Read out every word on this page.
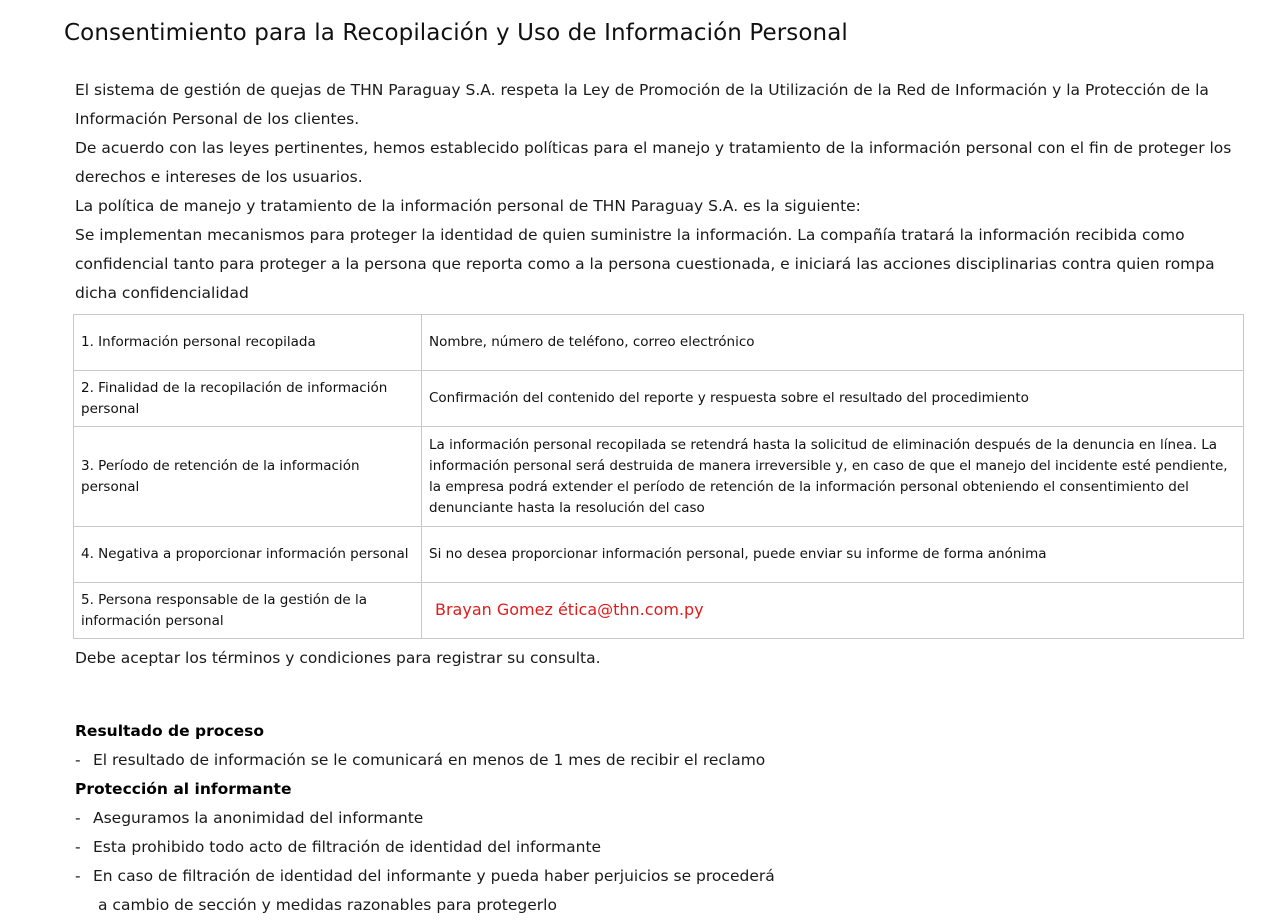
Consentimiento para la Recopilación y Uso de Información Personal

El sistema de gestión de quejas de THN Paraguay S.A. respeta la Ley de Promoción de la Utilización de la Red de Información y la Protección de la Información Personal de los clientes.

De acuerdo con las leyes pertinentes, hemos establecido políticas para el manejo y tratamiento de la información personal con el fin de proteger los derechos e intereses de los usuarios.

La política de manejo y tratamiento de la información personal de THN Paraguay S.A. es la siguiente:

Se implementan mecanismos para proteger la identidad de quien suministre la información. La compañía tratará la información recibida como confidencial tanto para proteger a la persona que reporta como a la persona cuestionada, e iniciará las acciones disciplinarias contra quien rompa dicha confidencialidad

1. Información personal recopilada	Nombre, número de teléfono, correo electrónico
2. Finalidad de la recopilación de información personal	Confirmación del contenido del reporte y respuesta sobre el resultado del procedimiento
3. Período de retención de la información personal	La información personal recopilada se retendrá hasta la solicitud de eliminación después de la denuncia en línea. La información personal será destruida de manera irreversible y, en caso de que el manejo del incidente esté pendiente, la empresa podrá extender el período de retención de la información personal obteniendo el consentimiento del denunciante hasta la resolución del caso
4. Negativa a proporcionar información personal	Si no desea proporcionar información personal, puede enviar su informe de forma anónima
5. Persona responsable de la gestión de la información personal	Brayan Gomez ética@thn.com.py
Debe aceptar los términos y condiciones para registrar su consulta.
Resultado de proceso
- El resultado de información se le comunicará en menos de 1 mes de recibir el reclamo
Protección al informante
- Aseguramos la anonimidad del informante
- Esta prohibido todo acto de filtración de identidad del informante
- En caso de filtración de identidad del informante y pueda haber perjuicios se procederá
a cambio de sección y medidas razonables para protegerlo
